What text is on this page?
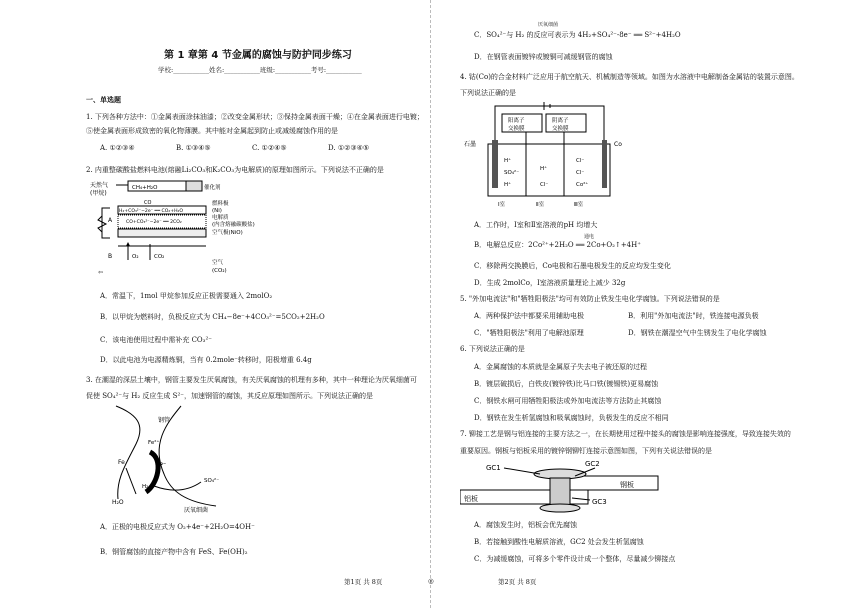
第 1 章第 4 节金属的腐蚀与防护同步练习
学校:___________姓名:___________班级:___________考号:___________
一、单选题
1. 下列各种方法中：①金属表面涂抹油漆；②改变金属形状；③保持金属表面干燥；④在金属表面进行电镀；
⑤使金属表面形成致密的氧化物薄膜。其中能对金属起到防止或减缓腐蚀作用的是
A. ①②③④	B. ①③④⑤	C. ①②④⑤	D. ①②③④⑤
2. 内重整碳酸盐燃料电池(熔融Li₂CO₃和K₂CO₃为电解质)的原理如图所示。下列说法不正确的是
天然气
(甲烷)
CH₄+H₂O	催化剂
A
B
H₂+CO₃²⁻−2e⁻ ══ CO₂+H₂O
CO
CO+CO₃²⁻−2e⁻ ══ 2CO₂
燃料极
(Ni)
电解质
(内含熔融碳酸盐)
空气极(NiO)
O₂	CO₂
空气
(CO₂)
⇦
A．常温下，1mol 甲烷参加反应正极需要通入 2molO₂
B．以甲烷为燃料时，负极反应式为 CH₄−8e⁻+4CO₃²⁻=5CO₂+2H₂O
C．该电池使用过程中需补充 CO₃²⁻
D．以此电池为电源精炼铜，当有 0.2mole⁻转移时，阳极增重 6.4g
3. 在潮湿的深层土壤中，钢管主要发生厌氧腐蚀，有关厌氧腐蚀的机理有多种，其中一种理论为厌氧细菌可
促使 SO₄²⁻与 H₂ 反应生成 S²⁻，加速钢管的腐蚀，其反应原理如图所示。下列说法正确的是
钢管
Fe²⁺
Fe	S²⁻
H₂O
H₂
SO₄²⁻
厌氧细菌
A．正极的电极反应式为 O₂+4e⁻+2H₂O=4OH⁻
B．钢管腐蚀的直接产物中含有 FeS、Fe(OH)₂
第1页 共 8页	◎
厌氧细菌
C．SO₄²⁻与 H₂ 的反应可表示为 4H₂+SO₄²⁻-8e⁻ ══ S²⁻+4H₂O
D．在钢管表面镀锌或镀铜可减缓钢管的腐蚀
4. 钴(Co)的合金材料广泛应用于航空航天、机械制造等领域。如图为水溶液中电解制备金属钴的装置示意图。
下列说法正确的是
石墨	Co
阳离子
交换膜
阴离子
交换膜
H⁺
SO₄²⁻
H⁺
H⁺
Cl⁻
Cl⁻
Cl⁻
Co²⁺
Ⅰ室	Ⅱ室	Ⅲ室
A．工作时，Ⅰ室和Ⅱ室溶液的pH 均增大
通电
B．电解总反应：2Co²⁺+2H₂O ══ 2Co+O₂↑+4H⁺
C．移除两交换膜后，Co电极和石墨电极发生的反应均发生变化
D．生成 2molCo，Ⅰ室溶液质量理论上减少 32g
5. "外加电流法"和"牺牲阳极法"均可有效防止铁发生电化学腐蚀。下列说法错误的是
A．两种保护法中都要采用辅助电极	B．利用"外加电流法"时，铁连接电源负极
C．"牺牲阳极法"利用了电解池原理	D．钢铁在潮湿空气中生锈发生了电化学腐蚀
6. 下列说法正确的是
A．金属腐蚀的本质就是金属原子失去电子被还原的过程
B．镀层破损后，白铁皮(镀锌铁)比马口铁(镀锡铁)更易腐蚀
C．钢铁水闸可用牺牲阳极法或外加电流法等方法防止其腐蚀
D．钢铁在发生析氢腐蚀和吸氧腐蚀时，负极发生的反应不相同
7. 铆接工艺是钢与铝连接的主要方法之一，在长期使用过程中接头的腐蚀是影响连接强度，导致连接失效的
重要原因。钢板与铝板采用的镀锌钢铆钉连接示意图如图，下列有关说法错误的是
GC1	GC2
GC3
钢板
铝板
A．腐蚀发生时，铝板会优先腐蚀
B．若接触到酸性电解质溶液，GC2 处会发生析氢腐蚀
C．为减缓腐蚀，可将多个零件设计成一个整体，尽量减少铆接点
第2页 共 8页
